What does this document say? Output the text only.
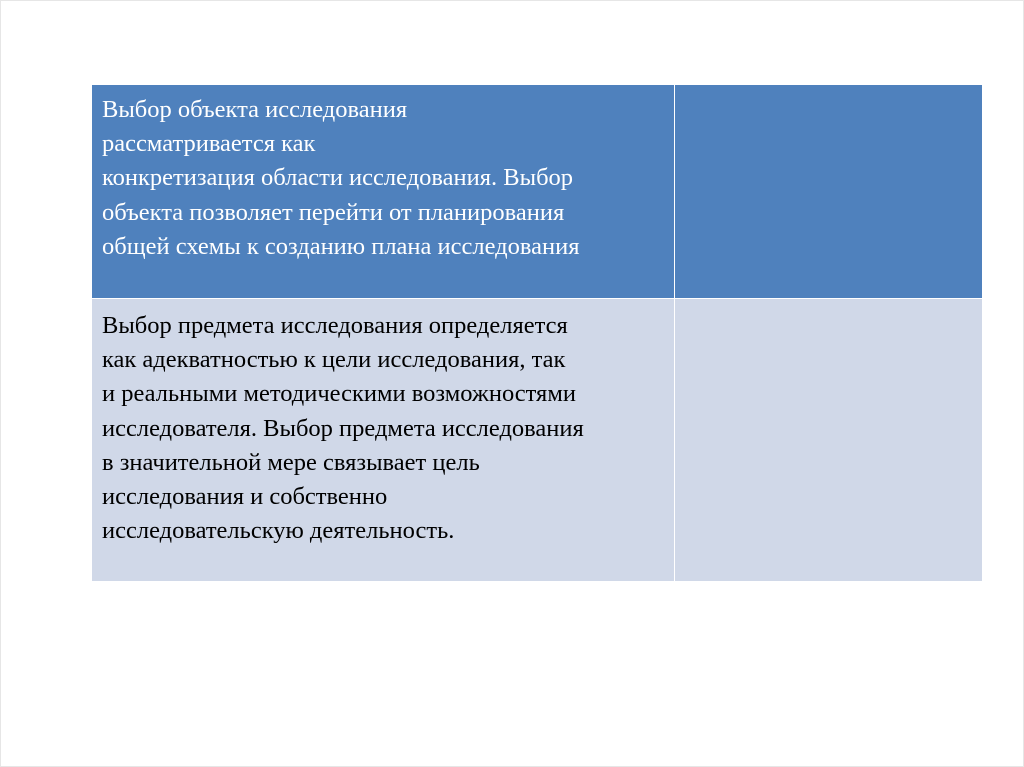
Выбор объекта исследования
рассматривается как
конкретизация области исследования. Выбор
объекта позволяет перейти от планирования
общей схемы к созданию плана исследования
Выбор предмета исследования определяется
как адекватностью к цели исследования, так
и реальными методическими возможностями
исследователя. Выбор предмета исследования
в значительной мере связывает цель
исследования и собственно
исследовательскую деятельность.
